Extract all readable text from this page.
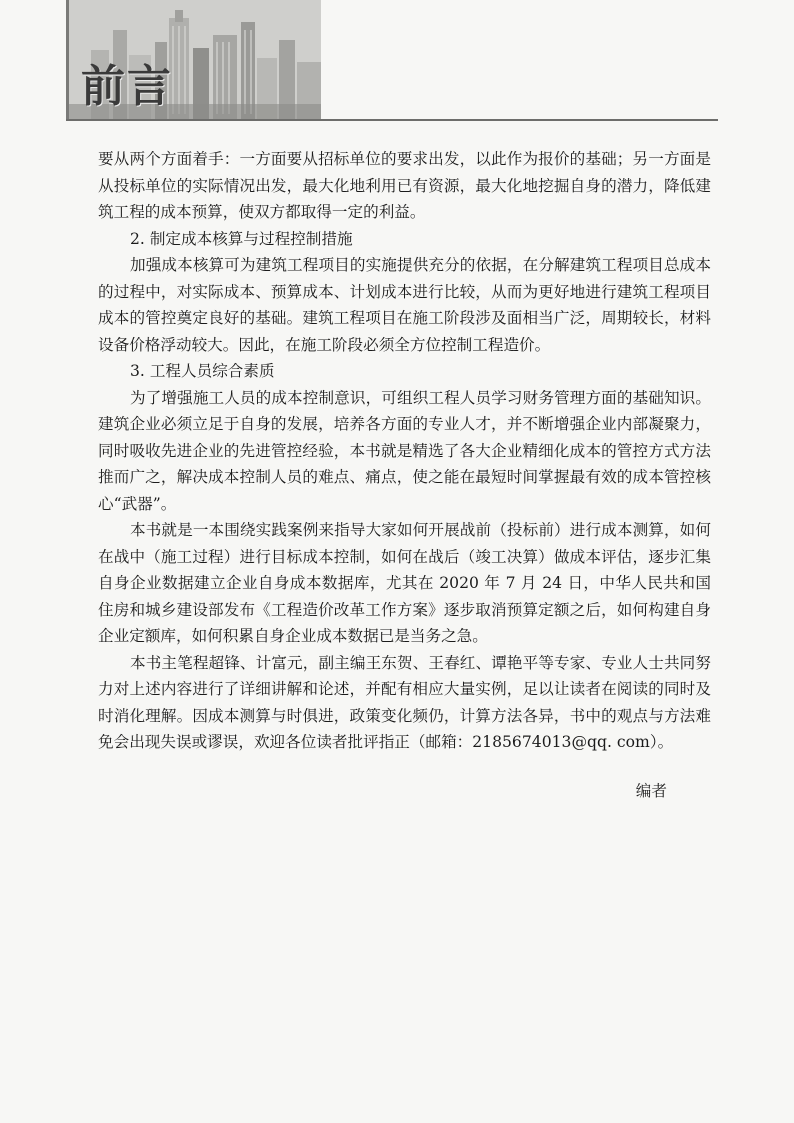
前言

要从两个方面着手：一方面要从招标单位的要求出发，以此作为报价的基础；另一方面是从投标单位的实际情况出发，最大化地利用已有资源，最大化地挖掘自身的潜力，降低建筑工程的成本预算，使双方都取得一定的利益。

2. 制定成本核算与过程控制措施

加强成本核算可为建筑工程项目的实施提供充分的依据，在分解建筑工程项目总成本的过程中，对实际成本、预算成本、计划成本进行比较，从而为更好地进行建筑工程项目成本的管控奠定良好的基础。建筑工程项目在施工阶段涉及面相当广泛，周期较长，材料设备价格浮动较大。因此，在施工阶段必须全方位控制工程造价。

3. 工程人员综合素质

为了增强施工人员的成本控制意识，可组织工程人员学习财务管理方面的基础知识。建筑企业必须立足于自身的发展，培养各方面的专业人才，并不断增强企业内部凝聚力，同时吸收先进企业的先进管控经验，本书就是精选了各大企业精细化成本的管控方式方法推而广之，解决成本控制人员的难点、痛点，使之能在最短时间掌握最有效的成本管控核心“武器”。

本书就是一本围绕实践案例来指导大家如何开展战前（投标前）进行成本测算，如何在战中（施工过程）进行目标成本控制，如何在战后（竣工决算）做成本评估，逐步汇集自身企业数据建立企业自身成本数据库，尤其在 2020 年 7 月 24 日，中华人民共和国住房和城乡建设部发布《工程造价改革工作方案》逐步取消预算定额之后，如何构建自身企业定额库，如何积累自身企业成本数据已是当务之急。

本书主笔程超锋、计富元，副主编王东贺、王春红、谭艳平等专家、专业人士共同努力对上述内容进行了详细讲解和论述，并配有相应大量实例，足以让读者在阅读的同时及时消化理解。因成本测算与时俱进，政策变化频仍，计算方法各异，书中的观点与方法难免会出现失误或谬误，欢迎各位读者批评指正（邮箱：2185674013@qq. com）。

编者
